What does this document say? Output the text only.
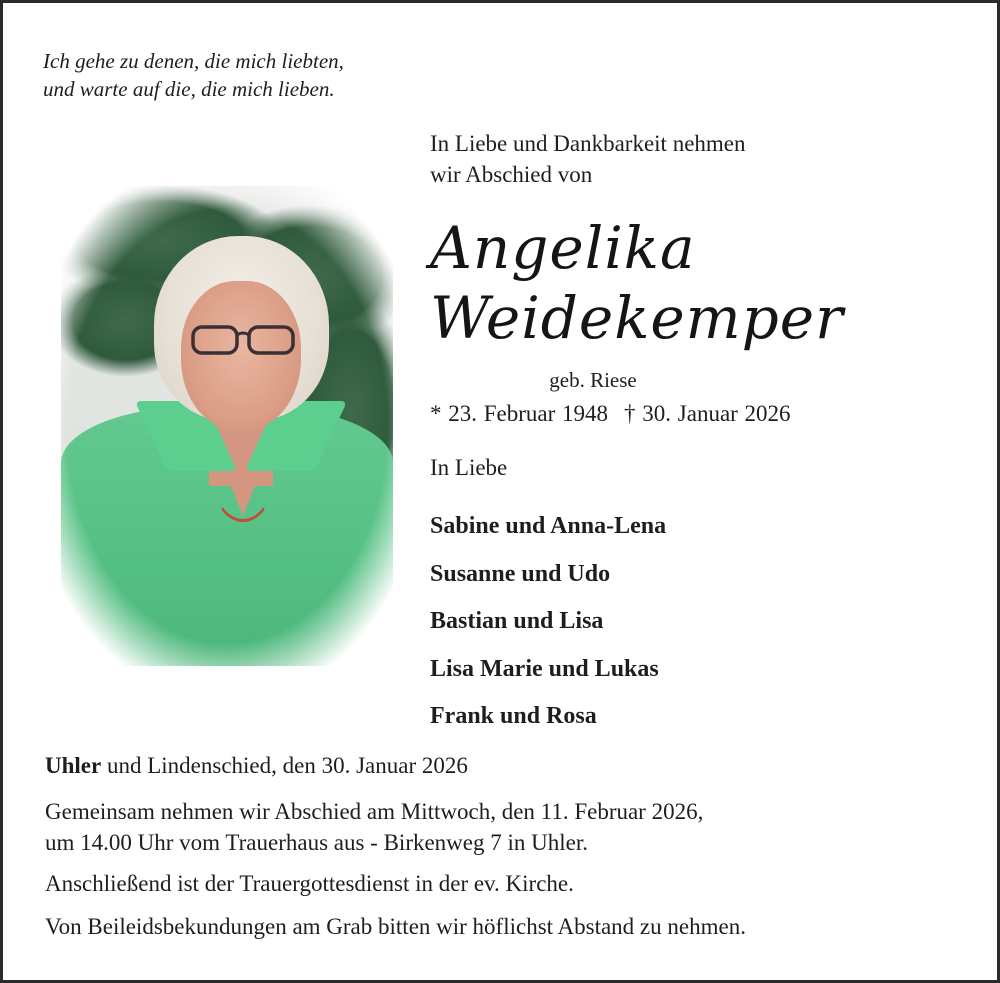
Ich gehe zu denen, die mich liebten,
und warte auf die, die mich lieben.
In Liebe und Dankbarkeit nehmen
wir Abschied von
Angelika
Weidekemper
geb. Riese
* 23. Februar 1948 † 30. Januar 2026
In Liebe
Sabine und Anna-Lena
Susanne und Udo
Bastian und Lisa
Lisa Marie und Lukas
Frank und Rosa
Uhler und Lindenschied, den 30. Januar 2026
Gemeinsam nehmen wir Abschied am Mittwoch, den 11. Februar 2026,
um 14.00 Uhr vom Trauerhaus aus - Birkenweg 7 in Uhler.
Anschließend ist der Trauergottesdienst in der ev. Kirche.
Von Beileidsbekundungen am Grab bitten wir höflichst Abstand zu nehmen.
